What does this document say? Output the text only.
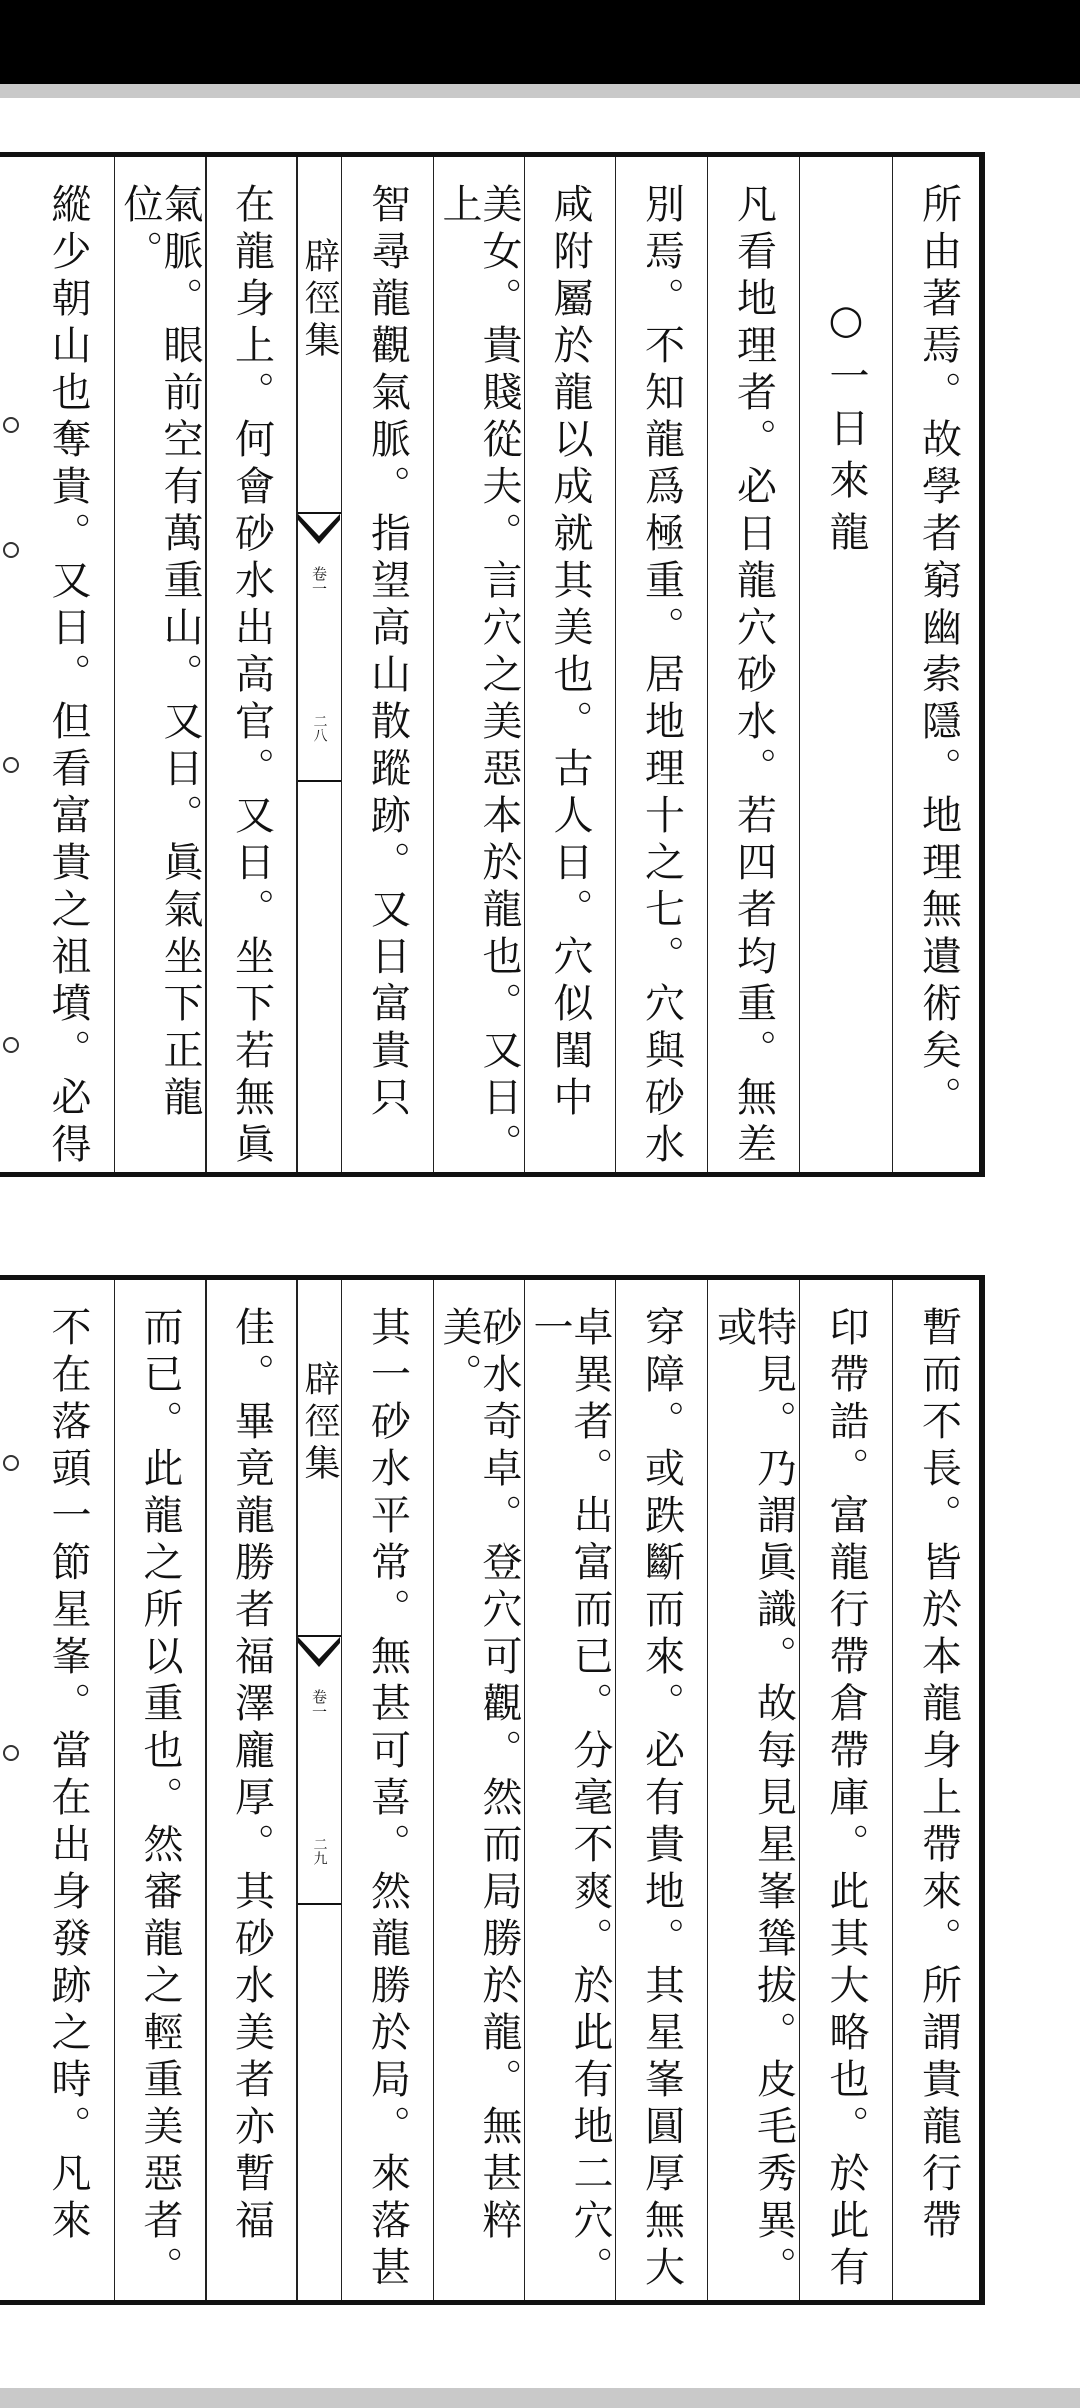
所由著焉。故學者窮幽索隱。地理無遺術矣。
○一日來龍
凡看地理者。必日龍穴砂水。若四者均重。無差
別焉。不知龍爲極重。居地理十之七。穴與砂水
咸附屬於龍以成就其美也。古人日。穴似閨中
美女。貴賤從夫。言穴之美惡本於龍也。又日。上
智尋龍觀氣脈。指望高山散蹤跡。又日富貴只
辟徑集
卷一
二八
在龍身上。何會砂水出高官。又日。坐下若無眞
氣脈。眼前空有萬重山。又日。眞氣坐下正龍位。
縱少朝山也奪貴。又日。但看富貴之祖墳。必得
暫而不長。皆於本龍身上帶來。所謂貴龍行帶
印帶誥。富龍行帶倉帶庫。此其大略也。於此有
特見。乃謂眞識。故每見星峯聳拔。皮毛秀異。或
穿障。或跌斷而來。必有貴地。其星峯圓厚無大
卓異者。出富而已。分毫不爽。於此有地二穴。一
砂水奇卓。登穴可觀。然而局勝於龍。無甚粹美。
其一砂水平常。無甚可喜。然龍勝於局。來落甚
辟徑集
卷一
二九
佳。畢竟龍勝者福澤龐厚。其砂水美者亦暫福
而已。此龍之所以重也。然審龍之輕重美惡者。
不在落頭一節星峯。當在出身發跡之時。凡來
